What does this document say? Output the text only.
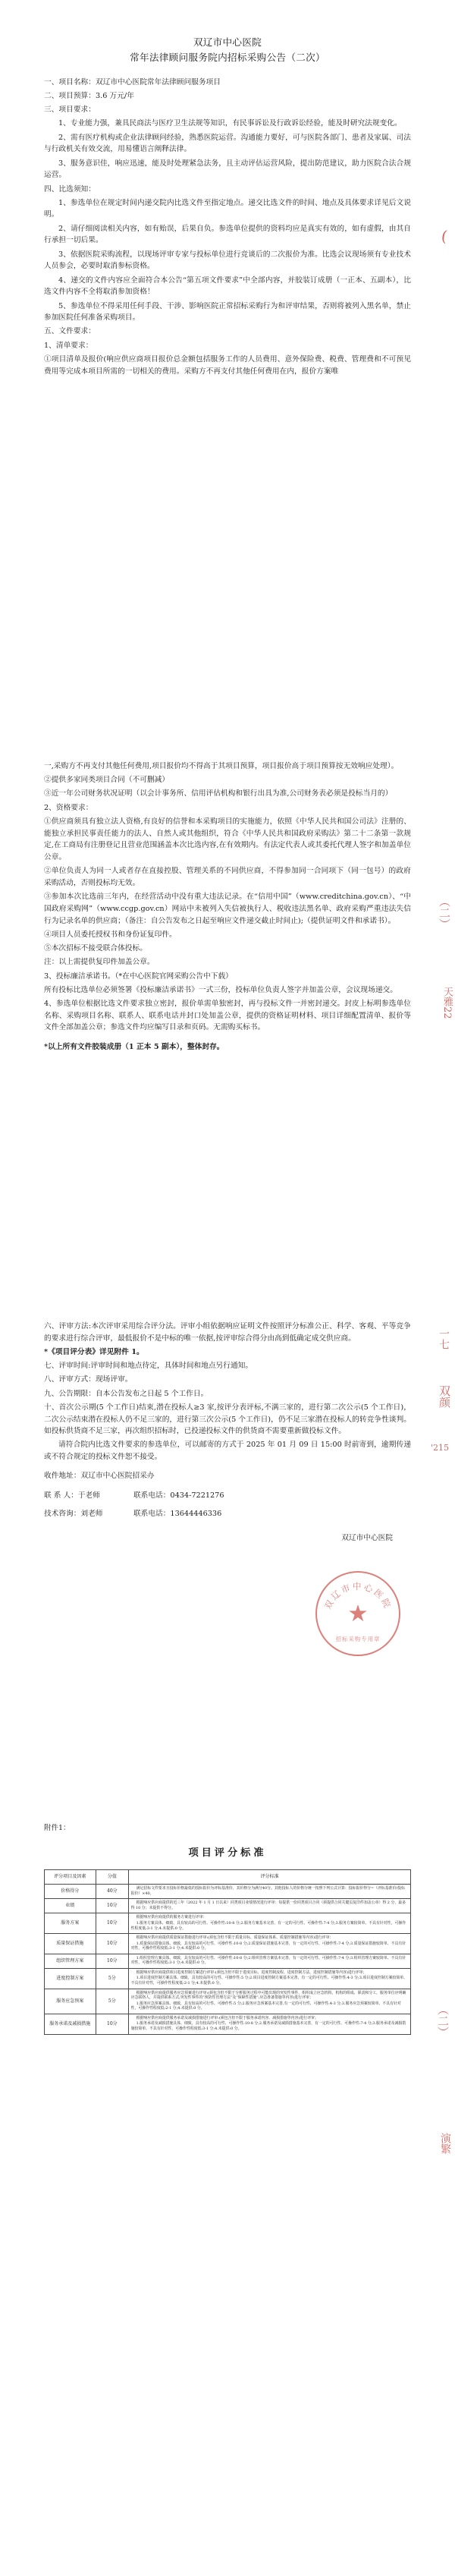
双辽市中心医院
常年法律顾问服务院内招标采购公告（二次）

一、项目名称：双辽市中心医院常年法律顾问服务项目

二、项目预算：3.6 万元/年

三、项目要求：

1、专业能力强，兼具民商法与医疗卫生法规等知识，有民事诉讼及行政诉讼经验，能及时研究法规变化。

2、需有医疗机构或企业法律顾问经验，熟悉医院运营。沟通能力要好，可与医院各部门、患者及家属、司法与行政机关有效交流，用易懂语言阐释法律。

3、服务意识佳，响应迅速，能及时处理紧急法务，且主动评估运营风险，提出防范建议，助力医院合法合规运营。

四、比选须知：

1、参选单位在规定时间内递交院内比选文件至指定地点。递交比选文件的时间、地点及具体要求详见后文说明。

2、请仔细阅读相关内容，如有贻误，后果自负。参选单位提供的资料均应是真实有效的，如有虚假，由其自行承担一切后果。

3、依据医院采购流程，以现场评审专家与投标单位进行竞谈后的二次报价为准。比选会议现场须有专业技术人员参会，必要时取消参标资格。

4、递交的文件内容应全面符合本公告“第五项文件要求”中全部内容，并胶装订成册（一正本、五副本），比选文件内容不全将取消参加资格！

5、参选单位不得采用任何手段、干涉、影响医院正常招标采购行为和评审结果，否则将被列入黑名单，禁止参加医院任何准备采购项目。

五、文件要求：

1、清单要求：

①项目清单及报价(响应供应商项目报价总金额包括服务工作的人员费用、意外保险费、税费、管理费和不可预见费用等完成本项目所需的一切相关的费用。采购方不再支付其他任何费用在内，报价方案唯

(

一,采购方不再支付其他任何费用,项目报价均不得高于其项目预算，项目报价高于项目预算按无效响应处理）。

②提供多家同类项目合同（不可删减）

③近一年公司财务状况证明（以会计事务所、信用评估机构和银行出具为准,公司财务表必须是投标当月的）

2、资格要求：

①供应商须具有独立法人资格,有良好的信誉和本采购项目的实施能力，依照《中华人民共和国公司法》注册的、能独立承担民事责任能力的法人、自然人或其他组织，符合《中华人民共和国政府采购法》第二十二条第一款规定,在工商局有注册登记且营业范围涵盖本次比选内容,在有效期内。有法定代表人或其委托代理人签字和加盖单位公章。

②单位负责人为同一人或者存在直接控股、管理关系的不同供应商，不得参加同一合同项下（同一包号）的政府采购活动，否则投标均无效。

③参加本次比选前三年内，在经营活动中没有重大违法记录。在“信用中国”（www.creditchina.gov.cn）、“中国政府采购网”（www.ccgp.gov.cn）网站中未被列入失信被执行人、税收违法黑名单、政府采购严重违法失信行为记录名单的供应商；（备注：自公告发布之日起至响应文件递交截止时间止);（提供证明文件和承诺书）。

④项目人员委托授权书和身份证复印件。

⑤本次招标不接受联合体投标。

注：以上需提供复印件加盖公章。

3、投标廉洁承诺书。（*在中心医院官网采购公告中下载）

所有投标比选单位必须签署《投标廉洁承诺书》一式三份，投标单位负责人签字并加盖公章，会议现场递交。

4、参选单位根据比选文件要求独立密封，报价单需单独密封，再与投标文件一并密封递交。封皮上标明参选单位名称、采购项目名称、联系人、联系电话并封口处加盖公章，提供的资格证明材料、项目详细配置清单、报价等文件全部加盖公章；参选文件均应编写目录和页码。无需购买标书。

*以上所有文件胶装成册（1 正本 5 副本），整体封存。

（二）
天雅22

六、评审方法:本次评审采用综合评分法。评审小组依据响应证明文件按照评分标准公正、科学、客观、平等竞争的要求进行综合评审，最低报价不是中标的唯一依据,按评审综合得分由高到低确定成交供应商。

*《项目评分表》详见附件 1。

七、评审时间:评审时间和地点待定，具体时间和地点另行通知。

八、评审方式：现场评审。

九、公告期限：自本公告发布之日起 5 个工作日。

十、首次公示期(5 个工作日)结束,潜在投标人≥3 家,按评分表评标,不满三家的，进行第二次公示(5 个工作日)，二次公示结束潜在投标人仍不足三家的，进行第三次公示(5 个工作日)，仍不足三家潜在投标人的转竞争性谈判。如投标供货商不足三家，再次组织招标时，已投递投标文件的供货商不需要重新做投标文件。

请符合院内比选文件要求的参选单位，可以邮寄的方式于 2025 年 01 月 09 日 15:00 时前寄到，逾期传递或不符合规定的投标文件恕不接受。

收件地址：双辽市中心医院招采办

联 系 人：于老师	联系电话：0434-7221276
技术咨询：刘老师	联系电话：13644446336
双辽市中心医院
双辽市中心医院
★
招标采购专用章
一七
双颜
'215
附件1：
项目评分标准
评分项目及因素	分值	评分标准
价格得分	40分	满足招标文件要求且投标价格最低的投标报价为评标基准价，其价格分为满分40分。其他投标人的价格分统一按照下列公式计算：投标报价得分=（评标基准价/投标报价）×40。

业绩	10分	根据响应供应商提供的近三年（2022 年 1 月 1 日以来）同类项目业绩情况进行评审：每提供一份同类项目合同（须提供合同关键页复印件加盖公章）得 2 分，最多得 10 分；未提供不得分。

服务方案	10分	根据响应供应商提供的服务方案进行评审：

1.服务方案具体、细致，具有较高的可行性、可操作性:10-8 分;2.服务方案基本完善，有一定的可行性、可操作性:7-4 分;3.服务方案较简单、不具有针对性，可操作性程度低:3-1 分;4.未提供:0 分。

质量保证措施	10分	根据响应供应商提供质量保证措施进行评审:(须包含但不限于质量目标、质量保证体系、质量控制措施等内容)进行评审：

1.质量保证措施具体、细致，具有较高的可行性、可操作性:10-8 分;2.质量保证措施基本完善，有一定的可行性、可操作性:7-4 分;3.质量保证措施较简单、不具有针对性，可操作性程度低:3-1 分;4.未提供:0 分。

组织管理方案	10分	1.组织管理方案具体、细致，具有较高的可行性、可操作性:10-8 分;2.组织管理方案基本完善，有一定的可行性、可操作性:7-4 分;3.组织管理方案较简单、不具有针对性，可操作性程度低:3-1 分;4.未提供:0 分。

进度控制方案	5分	根据响应供应商提供项目进度控制方案进行评审:(须包含但不限于进度目标、进度控制流程、进度控制方法、进度控制措施等内容)进行评审；

1.项目进度控制方案具体、细致，具有较高的可行性、可操作性:5 分;2.项目进度控制方案基本完善，有一定的可行性、可操作性:4-3 分;3.项目进度控制方案较简单、不具有针对性，可操作性程度低:2-1 分;4.未提供:0 分。

服务应急预案	5分	根据响应供应商提供服务应急预案进行评审:(须包含但不限于分析服务过程中可能出现的突发性事件，组织成立应急机构，机构的组成、职责和分工，服务单位应明确应急联络人，并提供联系方式;突发性事件的“预防性管理方法”及“保障性措施”;应急准备措施等内容)进行评审；

1.服务应急预案具体、细致，具有较高的可行性、可操作性:5 分;2.服务应急预案基本完善,有一定的可行性、可操作性:4-3 分;3.服务应急预案较简单、不具有针对性，可操作性程度低:2-1 分;4.未提供:0 分。

服务承诺及减损措施	10分	根据响应供应商提供服务承诺及减损措施进行评审:(须包含但不限于服务承诺内容、减损措施等内容)进行评审；

1.服务承诺及减损措施具体、细致，具有较高的可行性、可操作性:10-8 分;2.服务承诺及减损措施基本完善，有一定的可行性、可操作性:7-4 分;3.服务承诺及减损措施较简单、不具有针对性，可操作性程度低:3-1 分;4.未提供:0 分。	（二）
演繁
